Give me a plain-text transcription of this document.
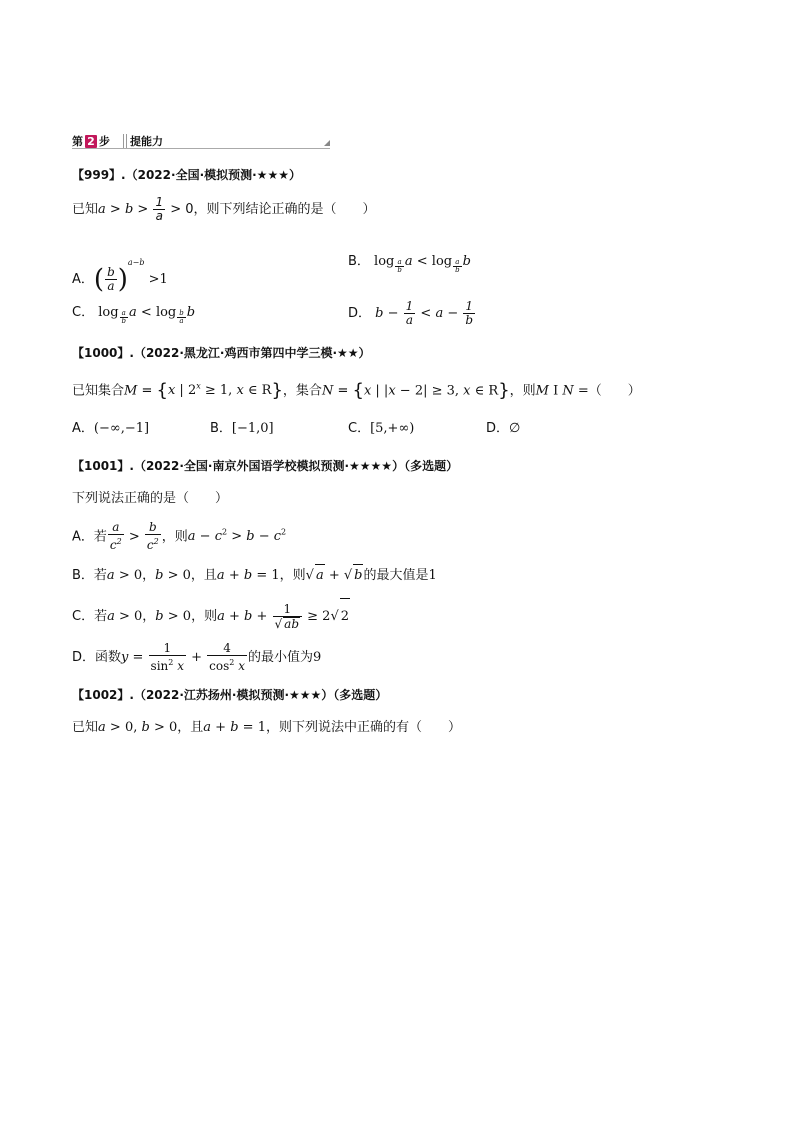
第 2 步 提能力
【999】.（2022·全国·模拟预测·★★★）
已知$a > b > \frac{1}{a} > 0$，则下列结论正确的是（　　）
A．( $\frac{b}{a} )^{a-b} >1$
B． log $_{\frac{a}{b}}$ a < log $_{\frac{a}{b}}$ b
C． log $_{\frac{a}{b}}$ a < log $_{\frac{b}{a}}$ b	D． $b - \frac{1}{a} < a - \frac{1}{b}$
【1000】.（2022·黑龙江·鸡西市第四中学三模·★★）
已知集合M = {x | $2^x \ge 1$, x ∈ R}，集合N = {x | |x − 2| ≥ 3, x ∈ R}，则M Ⅰ N =（　　）
A．(−∞,−1]	B．[−1,0]	C．[5,+∞)	D．∅
【1001】.（2022·全国·南京外国语学校模拟预测·★★★★）（多选题）
下列说法正确的是（　　）
A．若 $\frac{a}{c^2} > \frac{b}{c^2}$ ，则$a - c^2 > b - c^2$
B．若a > 0，b > 0，且a + b = 1，则√ a + √ b的最大值是1
C．若a > 0，b > 0，则$a + b + \frac{1}{√ ab} \ge 2√$ 2
D．函数$y = \frac{1}{\sin^2 x} + \frac{4}{\cos^2 x}$ 的最小值为9
【1002】.（2022·江苏扬州·模拟预测·★★★）（多选题）
已知a > 0, b > 0，且a + b = 1，则下列说法中正确的有（　　）
